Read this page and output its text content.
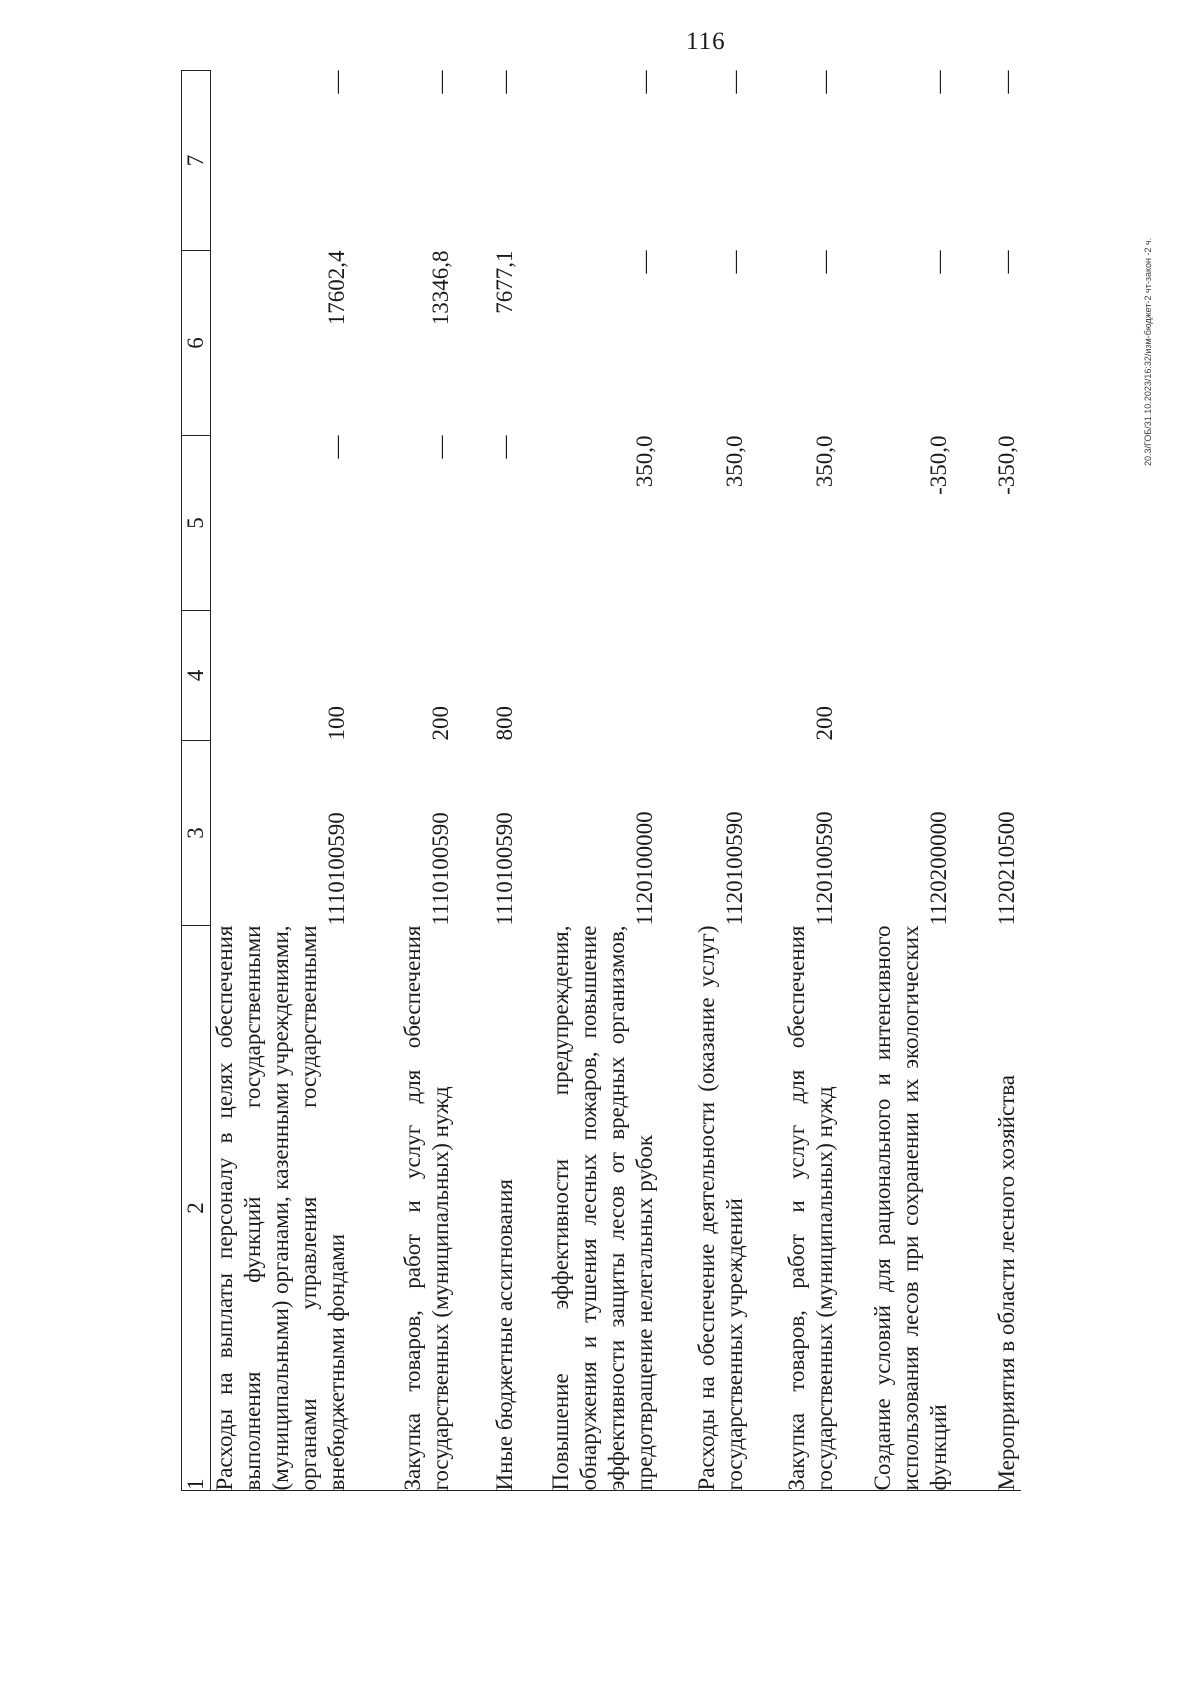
116
1	2	3	4	5	6	7
	Расходы на выплаты персоналу в целях обеспечения выполнения функций государственными (муниципальными) органами, казенными учреждениями, органами управления государственными внебюджетными фондами	1110100590	100	—	17602,4	—
	Закупка товаров, работ и услуг для обеспечения государственных (муниципальных) нужд	1110100590	200	—	13346,8	—
	Иные бюджетные ассигнования	1110100590	800	—	7677,1	—
	Повышение эффективности предупреждения, обнаружения и тушения лесных пожаров, повышение эффективности защиты лесов от вредных организмов, предотвращение нелегальных рубок	1120100000		350,0	—	—
	Расходы на обеспечение деятельности (оказание услуг) государственных учреждений	1120100590		350,0	—	—
	Закупка товаров, работ и услуг для обеспечения государственных (муниципальных) нужд	1120100590	200	350,0	—	—
	Создание условий для рационального и интенсивного использования лесов при сохранении их экологических функций	1120200000		-350,0	—	—
	Мероприятия в области лесного хозяйства	1120210500		-350,0	—	—
20.3/ГОБ/31.10.2023/16:32/изм-бюджет-2 чт-закон -2 ч.
